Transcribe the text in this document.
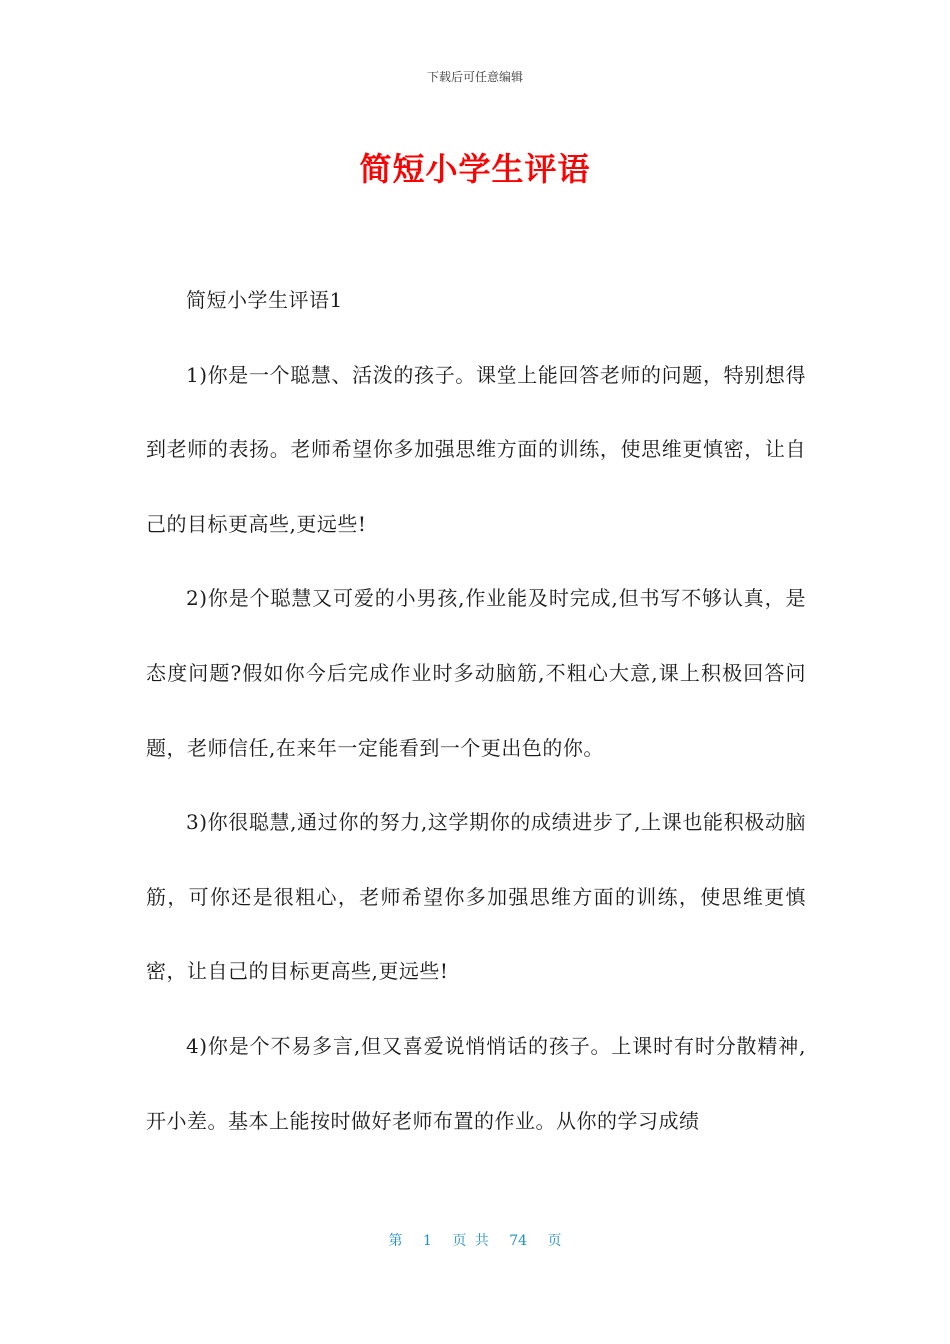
下载后可任意编辑
简短小学生评语

简短小学生评语1

1)你是一个聪慧、活泼的孩子。课堂上能回答老师的问题，特别想得到老师的表扬。老师希望你多加强思维方面的训练，使思维更慎密，让自己的目标更高些,更远些!

2)你是个聪慧又可爱的小男孩,作业能及时完成,但书写不够认真，是态度问题?假如你今后完成作业时多动脑筋,不粗心大意,课上积极回答问题，老师信任,在来年一定能看到一个更出色的你。

3)你很聪慧,通过你的努力,这学期你的成绩进步了,上课也能积极动脑筋，可你还是很粗心，老师希望你多加强思维方面的训练，使思维更慎密，让自己的目标更高些,更远些!

4)你是个不易多言,但又喜爱说悄悄话的孩子。上课时有时分散精神,开小差。基本上能按时做好老师布置的作业。从你的学习成绩

第 1 页 共 74 页
